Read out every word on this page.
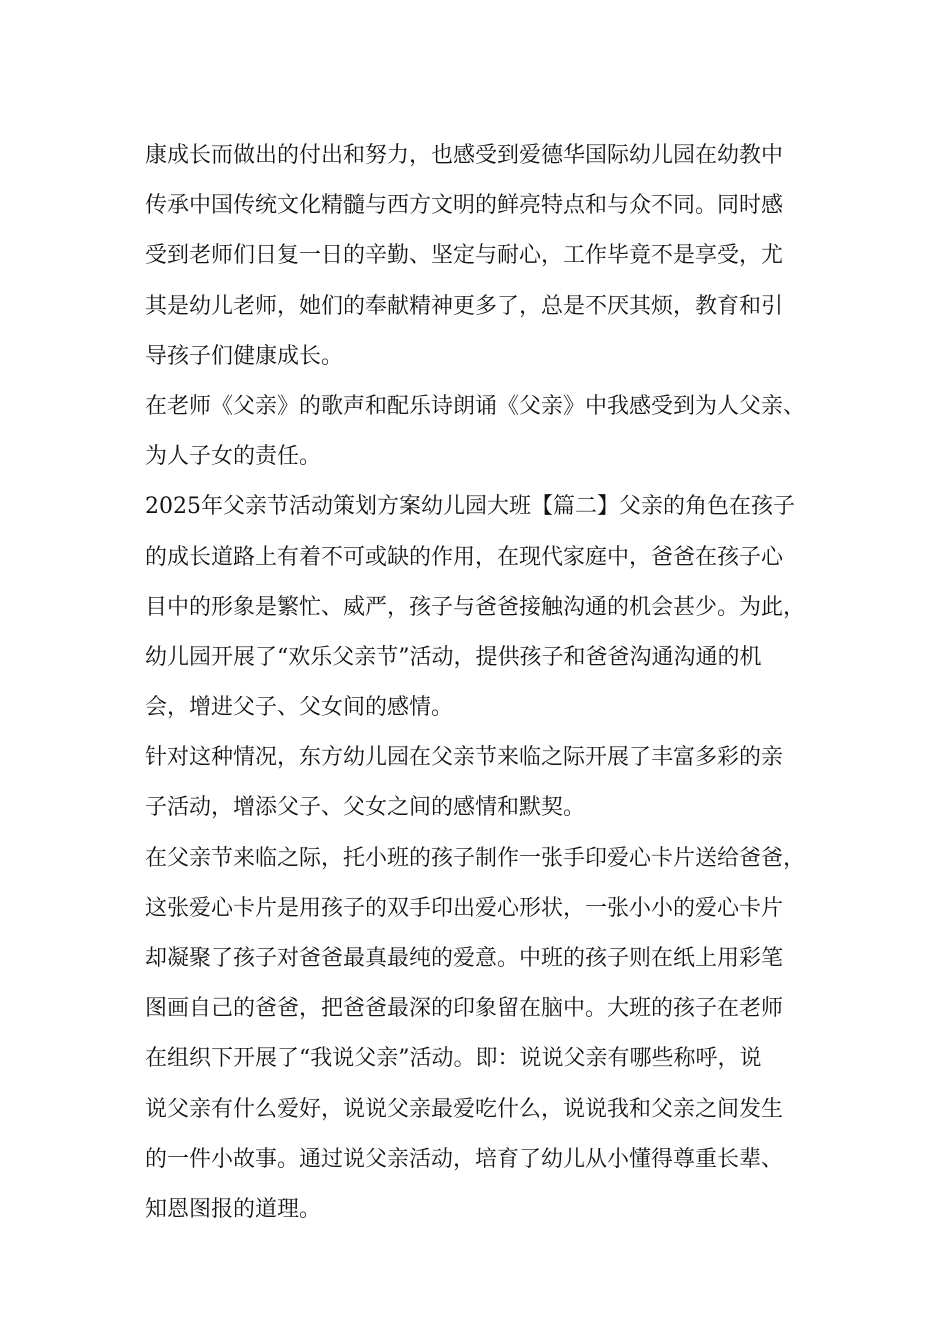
康成长而做出的付出和努力，也感受到爱德华国际幼儿园在幼教中
传承中国传统文化精髓与西方文明的鲜亮特点和与众不同。同时感
受到老师们日复一日的辛勤、坚定与耐心，工作毕竟不是享受，尤
其是幼儿老师，她们的奉献精神更多了，总是不厌其烦，教育和引
导孩子们健康成长。
在老师《父亲》的歌声和配乐诗朗诵《父亲》中我感受到为人父亲、
为人子女的责任。
2025年父亲节活动策划方案幼儿园大班【篇二】父亲的角色在孩子
的成长道路上有着不可或缺的作用，在现代家庭中，爸爸在孩子心
目中的形象是繁忙、威严，孩子与爸爸接触沟通的机会甚少。为此，
幼儿园开展了“欢乐父亲节”活动，提供孩子和爸爸沟通沟通的机
会，增进父子、父女间的感情。
针对这种情况，东方幼儿园在父亲节来临之际开展了丰富多彩的亲
子活动，增添父子、父女之间的感情和默契。
在父亲节来临之际，托小班的孩子制作一张手印爱心卡片送给爸爸，
这张爱心卡片是用孩子的双手印出爱心形状，一张小小的爱心卡片
却凝聚了孩子对爸爸最真最纯的爱意。中班的孩子则在纸上用彩笔
图画自己的爸爸，把爸爸最深的印象留在脑中。大班的孩子在老师
在组织下开展了“我说父亲”活动。即：说说父亲有哪些称呼，说
说父亲有什么爱好，说说父亲最爱吃什么，说说我和父亲之间发生
的一件小故事。通过说父亲活动，培育了幼儿从小懂得尊重长辈、
知恩图报的道理。
